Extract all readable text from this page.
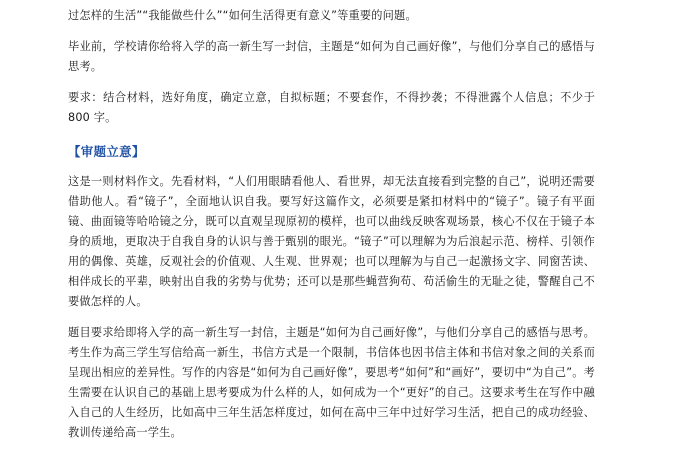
过怎样的生活”“我能做些什么”“如何生活得更有意义”等重要的问题。

毕业前，学校请你给将入学的高一新生写一封信，主题是“如何为自己画好像”，与他们分享自己的感悟与思考。

要求：结合材料，选好角度，确定立意，自拟标题；不要套作，不得抄袭；不得泄露个人信息；不少于 800 字。

【审题立意】

这是一则材料作文。先看材料，“人们用眼睛看他人、看世界，却无法直接看到完整的自己”，说明还需要借助他人。看“镜子”，全面地认识自我。要写好这篇作文，必须要是紧扣材料中的“镜子”。镜子有平面镜、曲面镜等哈哈镜之分，既可以直观呈现原初的模样，也可以曲线反映客观场景，核心不仅在于镜子本身的质地，更取决于自我自身的认识与善于甄别的眼光。“镜子”可以理解为为后浪起示范、榜样、引领作用的偶像、英雄，反观社会的价值观、人生观、世界观；也可以理解为与自己一起激扬文字、同窗苦读、相伴成长的平辈，映射出自我的劣势与优势；还可以是那些蝇营狗苟、苟活偷生的无耻之徒，警醒自己不要做怎样的人。

题目要求给即将入学的高一新生写一封信，主题是“如何为自己画好像”，与他们分享自己的感悟与思考。考生作为高三学生写信给高一新生，书信方式是一个限制，书信体也因书信主体和书信对象之间的关系而呈现出相应的差异性。写作的内容是“如何为自己画好像”，要思考“如何”和“画好”，要切中“为自己”。考生需要在认识自己的基础上思考要成为什么样的人，如何成为一个“更好”的自己。这要求考生在写作中融入自己的人生经历，比如高中三年生活怎样度过，如何在高中三年中过好学习生活，把自己的成功经验、教训传递给高一学生。
